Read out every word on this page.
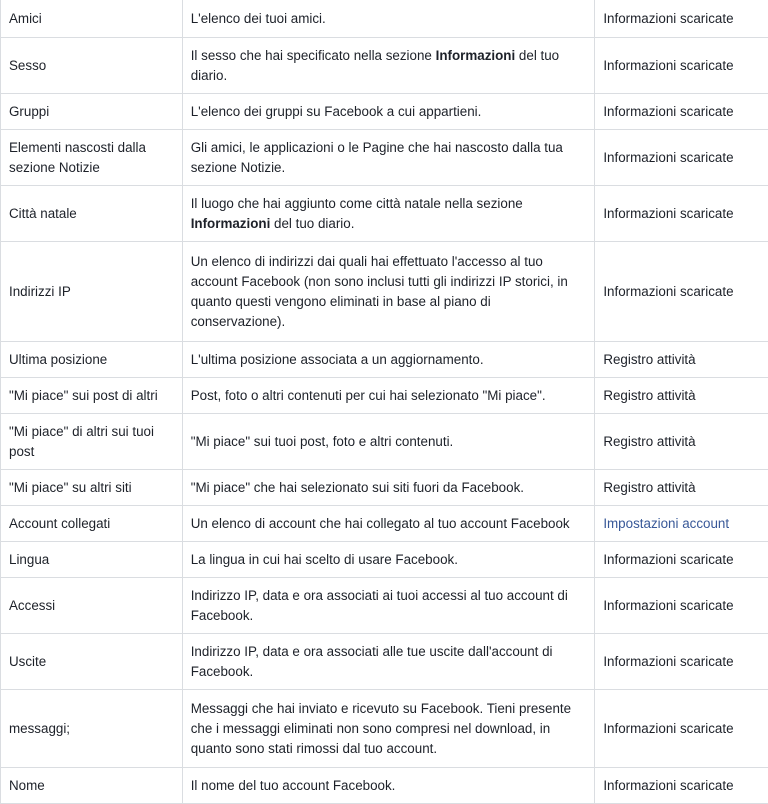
Amici	L'elenco dei tuoi amici.	Informazioni scaricate
Sesso	Il sesso che hai specificato nella sezione Informazioni del tuo diario.	Informazioni scaricate
Gruppi	L'elenco dei gruppi su Facebook a cui appartieni.	Informazioni scaricate
Elementi nascosti dalla sezione Notizie	Gli amici, le applicazioni o le Pagine che hai nascosto dalla tua sezione Notizie.	Informazioni scaricate
Città natale	Il luogo che hai aggiunto come città natale nella sezione Informazioni del tuo diario.	Informazioni scaricate
Indirizzi IP	Un elenco di indirizzi dai quali hai effettuato l'accesso al tuo account Facebook (non sono inclusi tutti gli indirizzi IP storici, in quanto questi vengono eliminati in base al piano di conservazione).	Informazioni scaricate
Ultima posizione	L'ultima posizione associata a un aggiornamento.	Registro attività
"Mi piace" sui post di altri	Post, foto o altri contenuti per cui hai selezionato "Mi piace".	Registro attività
"Mi piace" di altri sui tuoi post	"Mi piace" sui tuoi post, foto e altri contenuti.	Registro attività
"Mi piace" su altri siti	"Mi piace" che hai selezionato sui siti fuori da Facebook.	Registro attività
Account collegati	Un elenco di account che hai collegato al tuo account Facebook	Impostazioni account
Lingua	La lingua in cui hai scelto di usare Facebook.	Informazioni scaricate
Accessi	Indirizzo IP, data e ora associati ai tuoi accessi al tuo account di Facebook.	Informazioni scaricate
Uscite	Indirizzo IP, data e ora associati alle tue uscite dall'account di Facebook.	Informazioni scaricate
messaggi;	Messaggi che hai inviato e ricevuto su Facebook. Tieni presente che i messaggi eliminati non sono compresi nel download, in quanto sono stati rimossi dal tuo account.	Informazioni scaricate
Nome	Il nome del tuo account Facebook.	Informazioni scaricate
